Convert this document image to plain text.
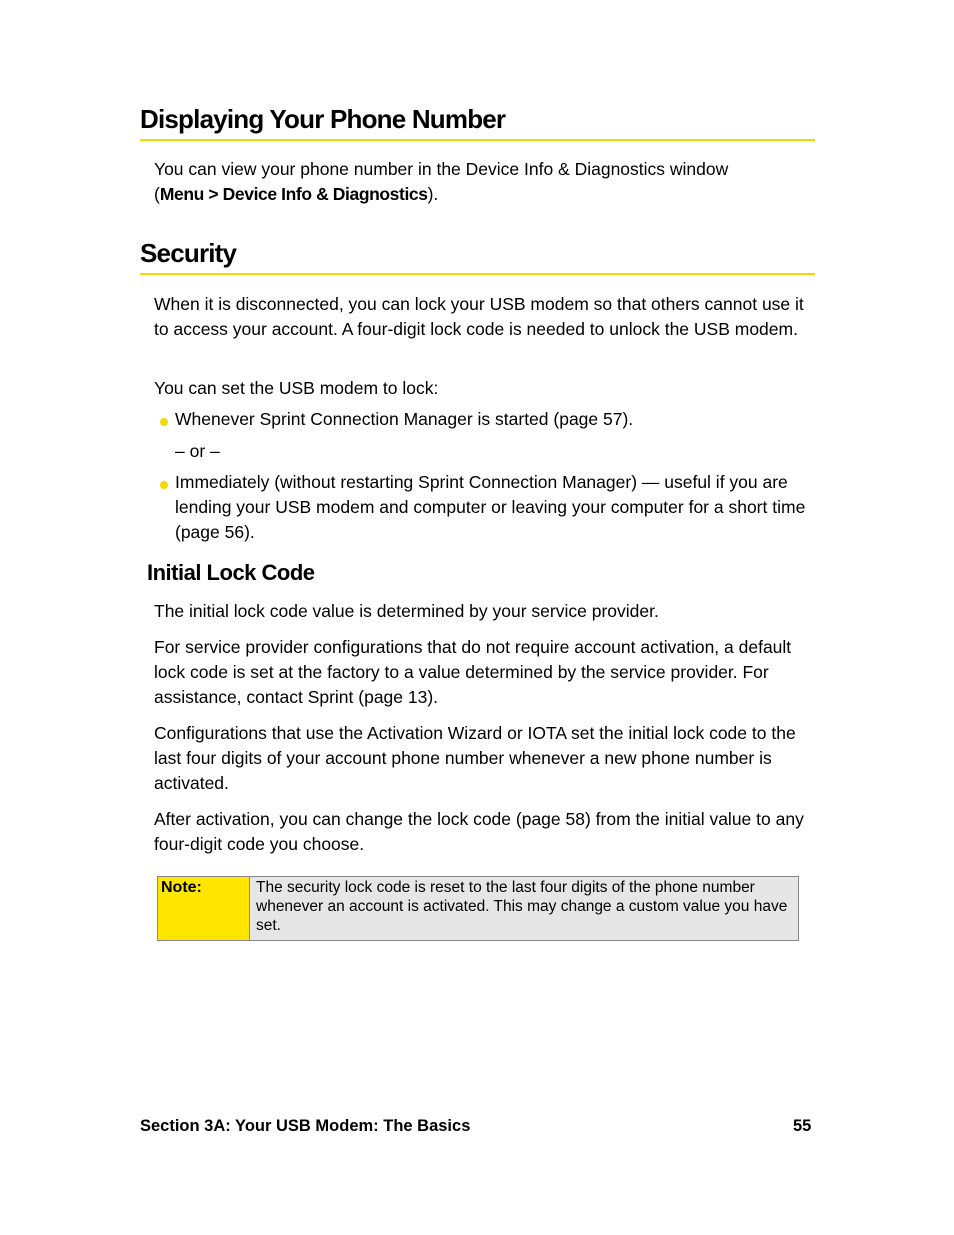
Displaying Your Phone Number

You can view your phone number in the Device Info & Diagnostics window
(Menu > Device Info & Diagnostics).

Security

When it is disconnected, you can lock your USB modem so that others cannot use it to access your account. A four-digit lock code is needed to unlock the USB modem.

You can set the USB modem to lock:

Whenever Sprint Connection Manager is started (page 57).
– or –
Immediately (without restarting Sprint Connection Manager) — useful if you are lending your USB modem and computer or leaving your computer for a short time (page 56).
Initial Lock Code

The initial lock code value is determined by your service provider.

For service provider configurations that do not require account activation, a default lock code is set at the factory to a value determined by the service provider. For assistance, contact Sprint (page 13).

Configurations that use the Activation Wizard or IOTA set the initial lock code to the last four digits of your account phone number whenever a new phone number is activated.

After activation, you can change the lock code (page 58) from the initial value to any four-digit code you choose.

Note:	The security lock code is reset to the last four digits of the phone number whenever an account is activated. This may change a custom value you have set.
Section 3A: Your USB Modem: The Basics	55
